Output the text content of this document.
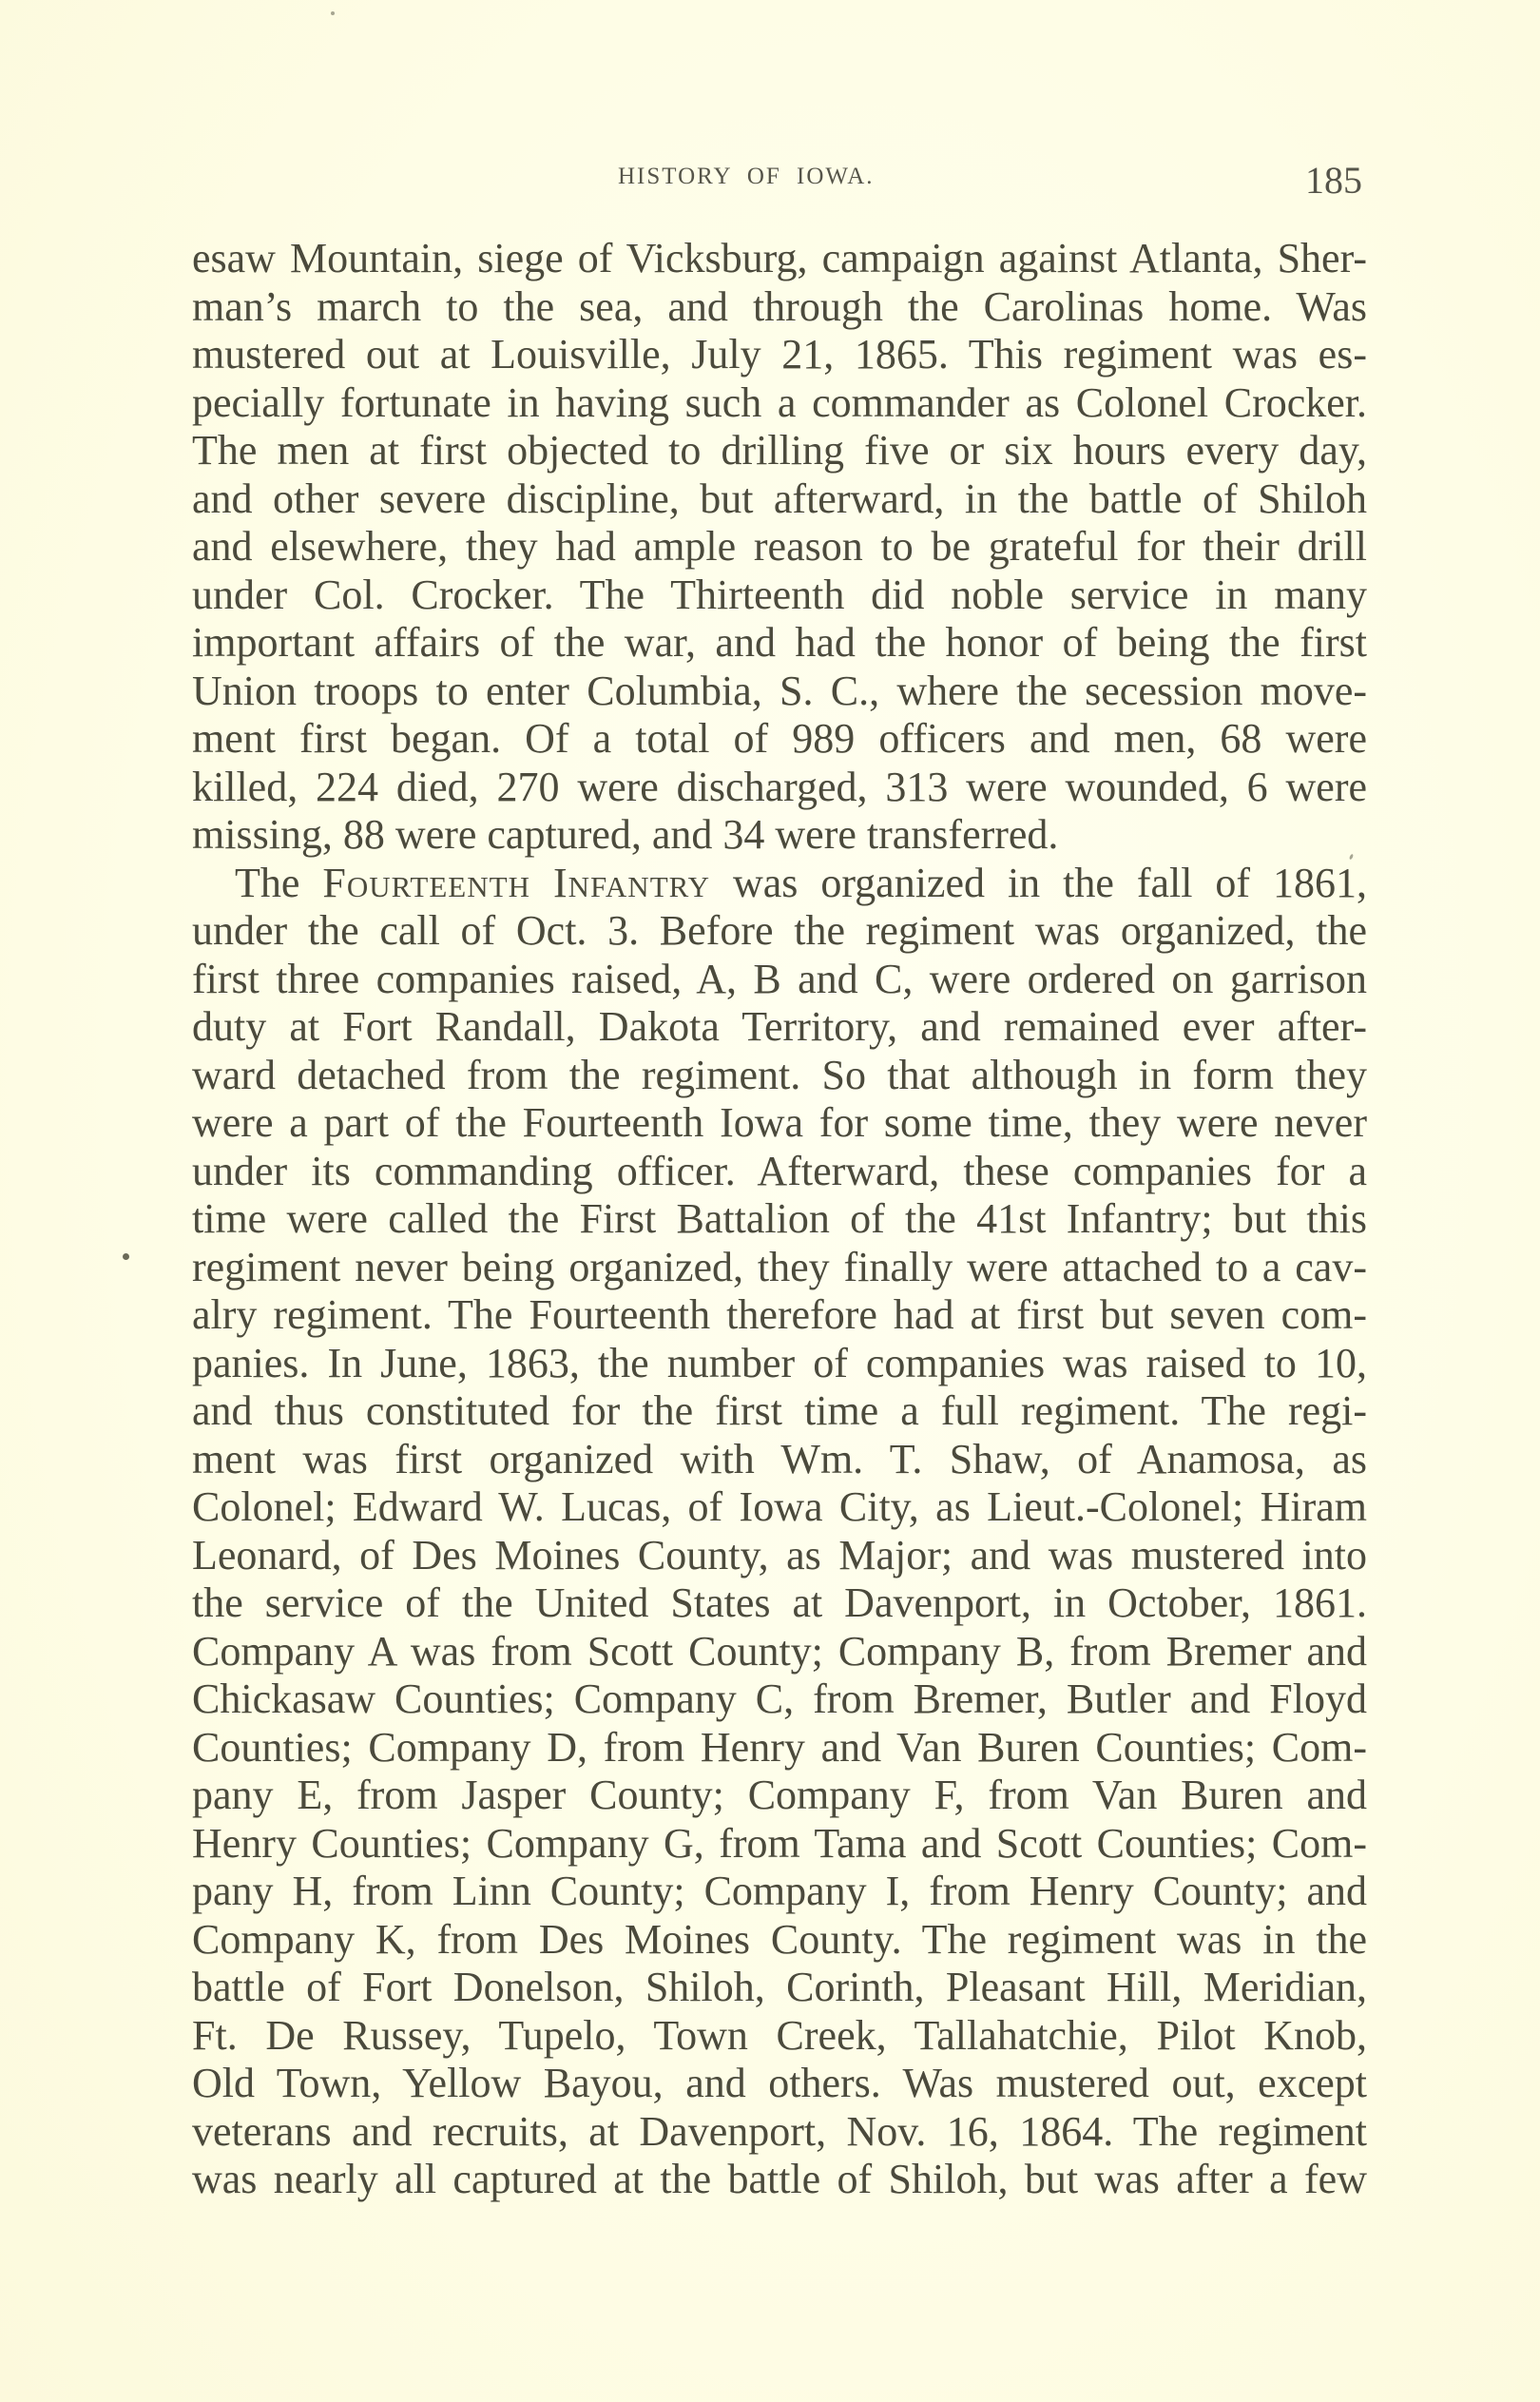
HISTORY OF IOWA.	185
esaw Mountain, siege of Vicksburg, campaign against Atlanta, Sher-
man’s march to the sea, and through the Carolinas home. Was
mustered out at Louisville, July 21, 1865. This regiment was es-
pecially fortunate in having such a commander as Colonel Crocker.
The men at first objected to drilling five or six hours every day,
and other severe discipline, but afterward, in the battle of Shiloh
and elsewhere, they had ample reason to be grateful for their drill
under Col. Crocker. The Thirteenth did noble service in many
important affairs of the war, and had the honor of being the first
Union troops to enter Columbia, S. C., where the secession move-
ment first began. Of a total of 989 officers and men, 68 were
killed, 224 died, 270 were discharged, 313 were wounded, 6 were
missing, 88 were captured, and 34 were transferred.
The Fourteenth Infantry was organized in the fall of 1861,
under the call of Oct. 3. Before the regiment was organized, the
first three companies raised, A, B and C, were ordered on garrison
duty at Fort Randall, Dakota Territory, and remained ever after-
ward detached from the regiment. So that although in form they
were a part of the Fourteenth Iowa for some time, they were never
under its commanding officer. Afterward, these companies for a
time were called the First Battalion of the 41st Infantry; but this
regiment never being organized, they finally were attached to a cav-
alry regiment. The Fourteenth therefore had at first but seven com-
panies. In June, 1863, the number of companies was raised to 10,
and thus constituted for the first time a full regiment. The regi-
ment was first organized with Wm. T. Shaw, of Anamosa, as
Colonel; Edward W. Lucas, of Iowa City, as Lieut.-Colonel; Hiram
Leonard, of Des Moines County, as Major; and was mustered into
the service of the United States at Davenport, in October, 1861.
Company A was from Scott County; Company B, from Bremer and
Chickasaw Counties; Company C, from Bremer, Butler and Floyd
Counties; Company D, from Henry and Van Buren Counties; Com-
pany E, from Jasper County; Company F, from Van Buren and
Henry Counties; Company G, from Tama and Scott Counties; Com-
pany H, from Linn County; Company I, from Henry County; and
Company K, from Des Moines County. The regiment was in the
battle of Fort Donelson, Shiloh, Corinth, Pleasant Hill, Meridian,
Ft. De Russey, Tupelo, Town Creek, Tallahatchie, Pilot Knob,
Old Town, Yellow Bayou, and others. Was mustered out, except
veterans and recruits, at Davenport, Nov. 16, 1864. The regiment
was nearly all captured at the battle of Shiloh, but was after a few
